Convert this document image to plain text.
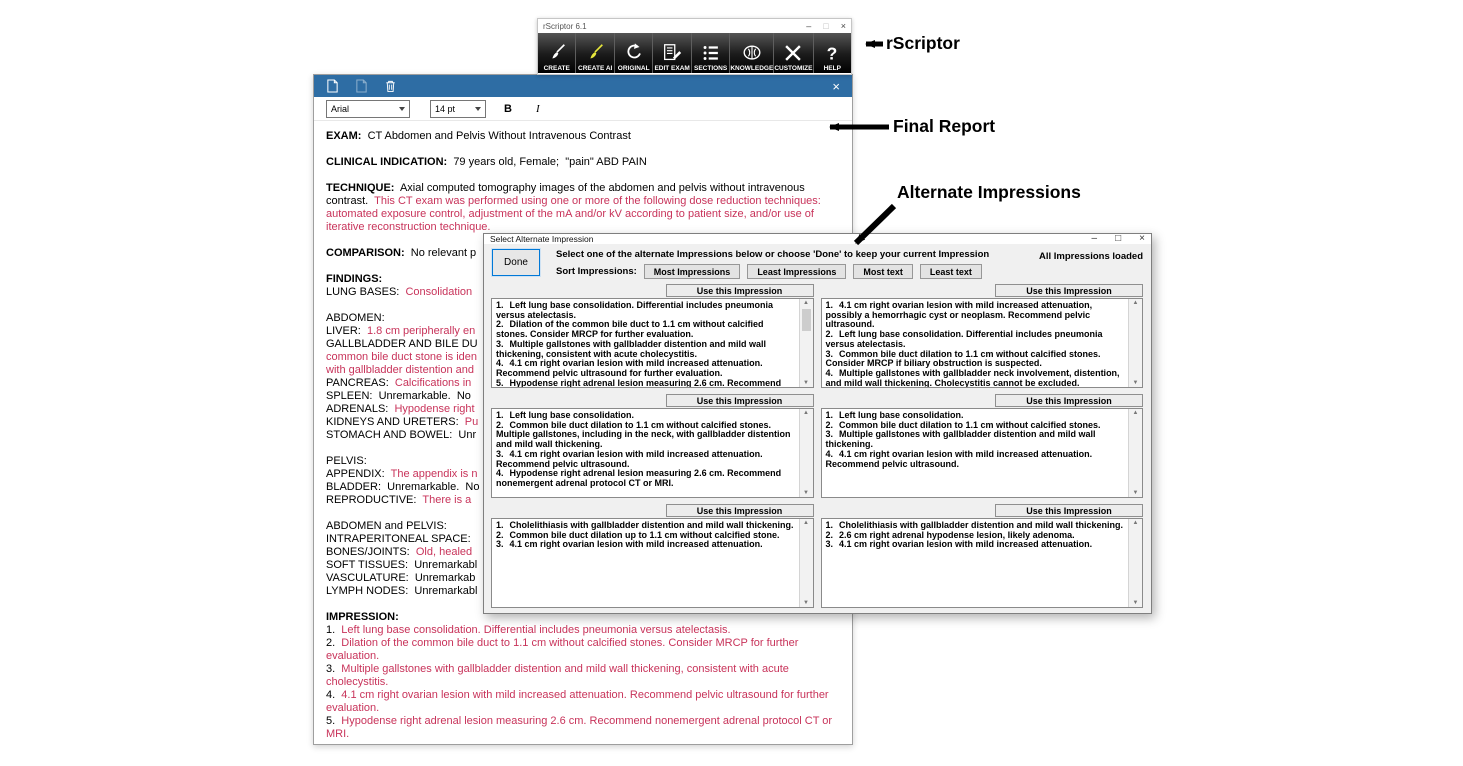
×
Arial	14 pt	B	I
EXAM:  CT Abdomen and Pelvis Without Intravenous Contrast

CLINICAL INDICATION:  79 years old, Female;  "pain" ABD PAIN

TECHNIQUE:  Axial computed tomography images of the abdomen and pelvis without intravenous contrast.  This CT exam was performed using one or more of the following dose reduction techniques: automated exposure control, adjustment of the mA and/or kV according to patient size, and/or use of iterative reconstruction technique.

COMPARISON:  No relevant p

FINDINGS:
LUNG BASES:  Consolidation

ABDOMEN:
LIVER:  1.8 cm peripherally en
GALLBLADDER AND BILE DU
common bile duct stone is iden
with gallbladder distention and
PANCREAS:  Calcifications in
SPLEEN:  Unremarkable.  No
ADRENALS:  Hypodense right
KIDNEYS AND URETERS:  Pu
STOMACH AND BOWEL:  Unr

PELVIS:
APPENDIX:  The appendix is n
BLADDER:  Unremarkable.  No
REPRODUCTIVE:  There is a

ABDOMEN and PELVIS:
INTRAPERITONEAL SPACE:
BONES/JOINTS:  Old, healed
SOFT TISSUES:  Unremarkabl
VASCULATURE:  Unremarkab
LYMPH NODES:  Unremarkabl

IMPRESSION:
1.  Left lung base consolidation. Differential includes pneumonia versus atelectasis.
2.  Dilation of the common bile duct to 1.1 cm without calcified stones. Consider MRCP for further evaluation.
3.  Multiple gallstones with gallbladder distention and mild wall thickening, consistent with acute cholecystitis.
4.  4.1 cm right ovarian lesion with mild increased attenuation. Recommend pelvic ultrasound for further evaluation.
5.  Hypodense right adrenal lesion measuring 2.6 cm. Recommend nonemergent adrenal protocol CT or MRI.
rScriptor 6.1	– □ ×
CREATE CREATE AI ORIGINAL EDIT EXAM SECTIONS KNOWLEDGE CUSTOMIZE
?
HELP
Select Alternate Impression	– □ ×
Done
Select one of the alternate Impressions below or choose 'Done' to keep your current Impression
Sort Impressions:	Most Impressions	Least Impressions	Most text	Least text
All Impressions loaded
Use this Impression
1. Left lung base consolidation. Differential includes pneumonia versus atelectasis.
2. Dilation of the common bile duct to 1.1 cm without calcified stones. Consider MRCP for further evaluation.
3. Multiple gallstones with gallbladder distention and mild wall thickening, consistent with acute cholecystitis.
4. 4.1 cm right ovarian lesion with mild increased attenuation. Recommend pelvic ultrasound for further evaluation.
5. Hypodense right adrenal lesion measuring 2.6 cm. Recommend
▲
▼
Use this Impression
1. 4.1 cm right ovarian lesion with mild increased attenuation, possibly a hemorrhagic cyst or neoplasm. Recommend pelvic ultrasound.
2. Left lung base consolidation. Differential includes pneumonia versus atelectasis.
3. Common bile duct dilation to 1.1 cm without calcified stones. Consider MRCP if biliary obstruction is suspected.
4. Multiple gallstones with gallbladder neck involvement, distention, and mild wall thickening. Cholecystitis cannot be excluded.
▲
▼
Use this Impression
1. Left lung base consolidation.
2. Common bile duct dilation to 1.1 cm without calcified stones. Multiple gallstones, including in the neck, with gallbladder distention and mild wall thickening.
3. 4.1 cm right ovarian lesion with mild increased attenuation. Recommend pelvic ultrasound.
4. Hypodense right adrenal lesion measuring 2.6 cm. Recommend nonemergent adrenal protocol CT or MRI.
▲
▼
Use this Impression
1. Left lung base consolidation.
2. Common bile duct dilation to 1.1 cm without calcified stones.
3. Multiple gallstones with gallbladder distention and mild wall thickening.
4. 4.1 cm right ovarian lesion with mild increased attenuation. Recommend pelvic ultrasound.
▲
▼
Use this Impression
1. Cholelithiasis with gallbladder distention and mild wall thickening.
2. Common bile duct dilation up to 1.1 cm without calcified stone.
3. 4.1 cm right ovarian lesion with mild increased attenuation.
▲
▼
Use this Impression
1. Cholelithiasis with gallbladder distention and mild wall thickening.
2. 2.6 cm right adrenal hypodense lesion, likely adenoma.
3. 4.1 cm right ovarian lesion with mild increased attenuation.
▲
▼
rScriptor
Final Report
Alternate Impressions
